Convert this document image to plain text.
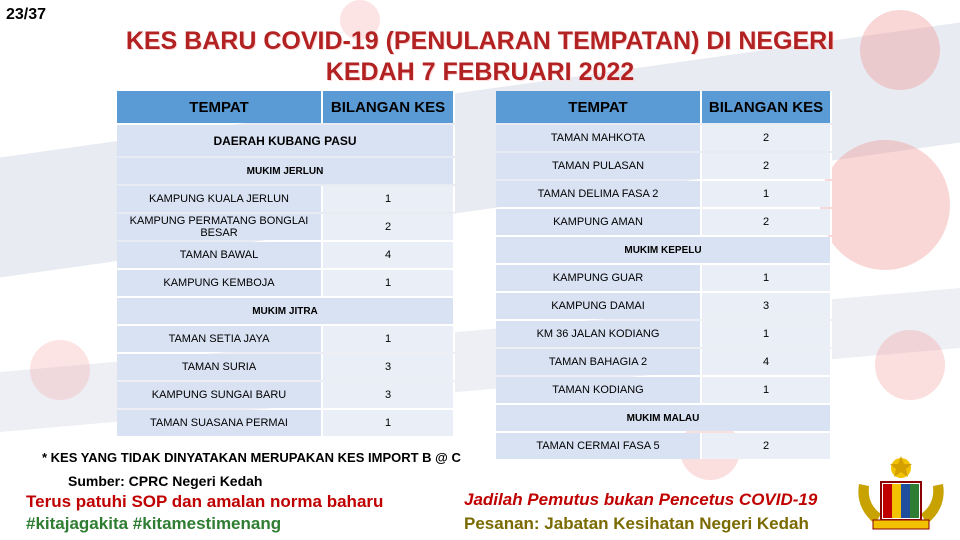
23/37
KES BARU COVID-19 (PENULARAN TEMPATAN) DI NEGERI
KEDAH 7 FEBRUARI 2022
TEMPAT	BILANGAN KES
DAERAH KUBANG PASU	
MUKIM JERLUN	
KAMPUNG KUALA JERLUN	1
KAMPUNG PERMATANG BONGLAI BESAR	2
TAMAN BAWAL	4
KAMPUNG KEMBOJA	1
MUKIM JITRA	
TAMAN SETIA JAYA	1
TAMAN SURIA	3
KAMPUNG SUNGAI BARU	3
TAMAN SUASANA PERMAI	1
TEMPAT	BILANGAN KES
TAMAN MAHKOTA	2
TAMAN PULASAN	2
TAMAN DELIMA FASA 2	1
KAMPUNG AMAN	2
MUKIM KEPELU	
KAMPUNG GUAR	1
KAMPUNG DAMAI	3
KM 36 JALAN KODIANG	1
TAMAN BAHAGIA 2	4
TAMAN KODIANG	1
MUKIM MALAU	
TAMAN CERMAI FASA 5	2
* KES YANG TIDAK DINYATAKAN MERUPAKAN KES IMPORT B @ C
Sumber: CPRC Negeri Kedah
Terus patuhi SOP dan amalan norma baharu
#kitajagakita #kitamestimenang
Jadilah Pemutus bukan Pencetus COVID-19
Pesanan: Jabatan Kesihatan Negeri Kedah
